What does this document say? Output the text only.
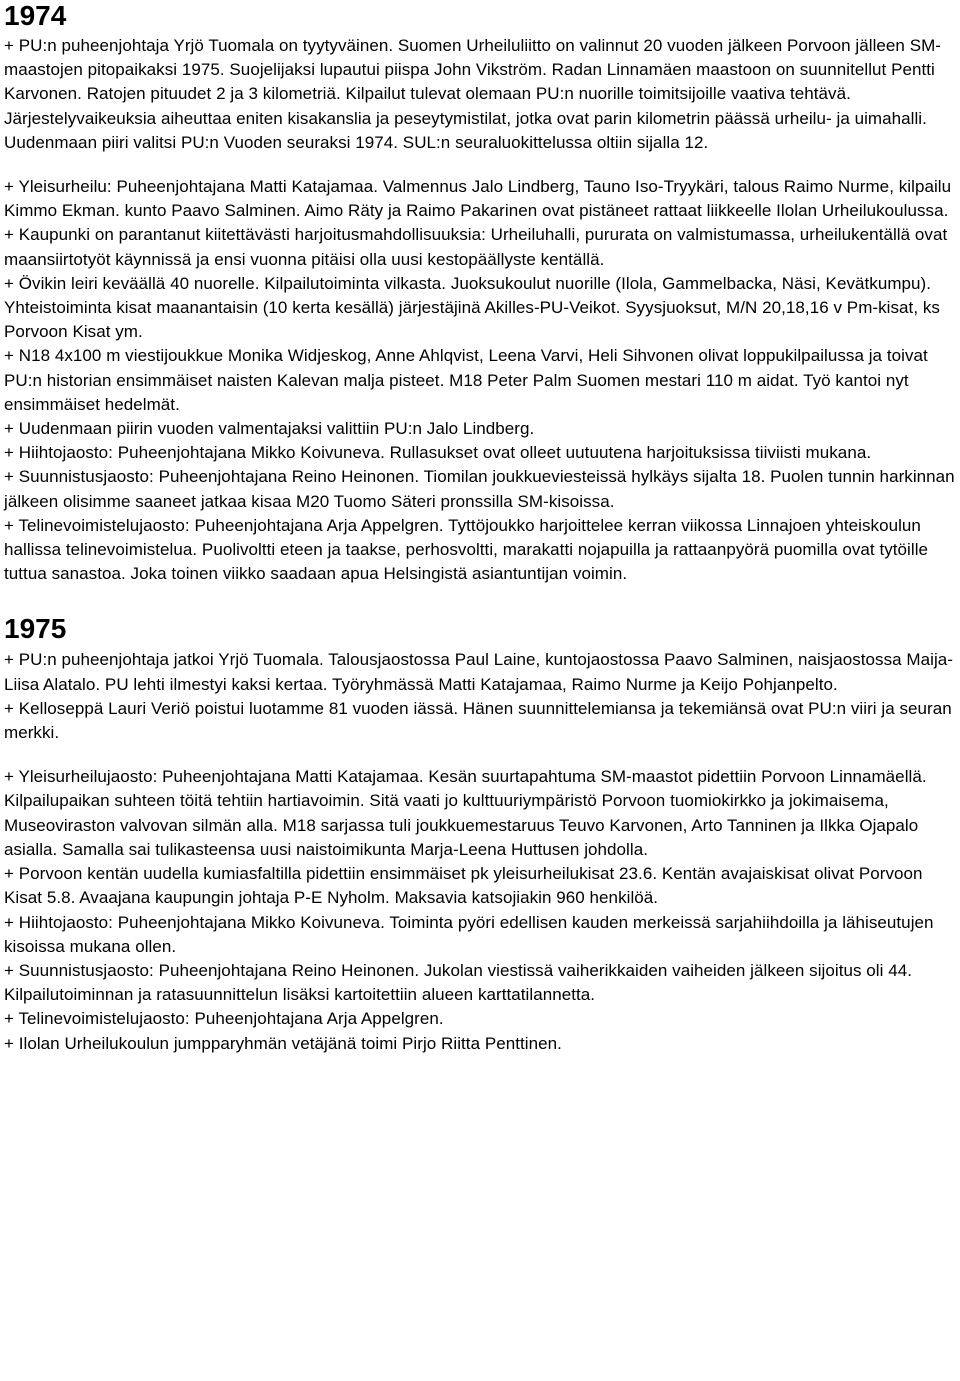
1974

+ PU:n puheenjohtaja Yrjö Tuomala on tyytyväinen. Suomen Urheiluliitto on valinnut 20 vuoden jälkeen Porvoon jälleen SM-maastojen pitopaikaksi 1975. Suojelijaksi lupautui piispa John Vikström. Radan Linnamäen maastoon on suunnitellut Pentti Karvonen. Ratojen pituudet 2 ja 3 kilometriä. Kilpailut tulevat olemaan PU:n nuorille toimitsijoille vaativa tehtävä. Järjestelyvaikeuksia aiheuttaa eniten kisakanslia ja peseytymistilat, jotka ovat parin kilometrin päässä urheilu- ja uimahalli. Uudenmaan piiri valitsi PU:n Vuoden seuraksi 1974. SUL:n seuraluokittelussa oltiin sijalla 12.

+ Yleisurheilu: Puheenjohtajana Matti Katajamaa. Valmennus Jalo Lindberg, Tauno Iso-Tryykäri, talous Raimo Nurme, kilpailu Kimmo Ekman. kunto Paavo Salminen. Aimo Räty ja Raimo Pakarinen ovat pistäneet rattaat liikkeelle Ilolan Urheilukoulussa.

+ Kaupunki on parantanut kiitettävästi harjoitusmahdollisuuksia: Urheiluhalli, pururata on valmistumassa, urheilukentällä ovat maansiirtotyöt käynnissä ja ensi vuonna pitäisi olla uusi kestopäällyste kentällä.

+ Övikin leiri keväällä 40 nuorelle. Kilpailutoiminta vilkasta. Juoksukoulut nuorille (Ilola, Gammelbacka, Näsi, Kevätkumpu). Yhteistoiminta kisat maanantaisin (10 kerta kesällä) järjestäjinä Akilles-PU-Veikot. Syysjuoksut, M/N 20,18,16 v Pm-kisat, ks Porvoon Kisat ym.

+ N18 4x100 m viestijoukkue Monika Widjeskog, Anne Ahlqvist, Leena Varvi, Heli Sihvonen olivat loppukilpailussa ja toivat PU:n historian ensimmäiset naisten Kalevan malja pisteet. M18 Peter Palm Suomen mestari 110 m aidat. Työ kantoi nyt ensimmäiset hedelmät.

+ Uudenmaan piirin vuoden valmentajaksi valittiin PU:n Jalo Lindberg.

+ Hiihtojaosto: Puheenjohtajana Mikko Koivuneva. Rullasukset ovat olleet uutuutena harjoituksissa tiiviisti mukana.

+ Suunnistusjaosto: Puheenjohtajana Reino Heinonen. Tiomilan joukkueviesteissä hylkäys sijalta 18. Puolen tunnin harkinnan jälkeen olisimme saaneet jatkaa kisaa M20 Tuomo Säteri pronssilla SM-kisoissa.

+ Telinevoimistelujaosto: Puheenjohtajana Arja Appelgren. Tyttöjoukko harjoittelee kerran viikossa Linnajoen yhteiskoulun hallissa telinevoimistelua. Puolivoltti eteen ja taakse, perhosvoltti, marakatti nojapuilla ja rattaanpyörä puomilla ovat tytöille tuttua sanastoa. Joka toinen viikko saadaan apua Helsingistä asiantuntijan voimin.

1975

+ PU:n puheenjohtaja jatkoi Yrjö Tuomala. Talousjaostossa Paul Laine, kuntojaostossa Paavo Salminen, naisjaostossa Maija-Liisa Alatalo. PU lehti ilmestyi kaksi kertaa. Työryhmässä Matti Katajamaa, Raimo Nurme ja Keijo Pohjanpelto.

+ Kelloseppä Lauri Veriö poistui luotamme 81 vuoden iässä. Hänen suunnittelemiansa ja tekemiänsä ovat PU:n viiri ja seuran merkki.

+ Yleisurheilujaosto: Puheenjohtajana Matti Katajamaa. Kesän suurtapahtuma SM-maastot pidettiin Porvoon Linnamäellä. Kilpailupaikan suhteen töitä tehtiin hartiavoimin. Sitä vaati jo kulttuuriympäristö Porvoon tuomiokirkko ja jokimaisema, Museoviraston valvovan silmän alla. M18 sarjassa tuli joukkuemestaruus Teuvo Karvonen, Arto Tanninen ja Ilkka Ojapalo asialla. Samalla sai tulikasteensa uusi naistoimikunta Marja-Leena Huttusen johdolla.

+ Porvoon kentän uudella kumiasfaltilla pidettiin ensimmäiset pk yleisurheilukisat 23.6. Kentän avajaiskisat olivat Porvoon Kisat 5.8. Avaajana kaupungin johtaja P-E Nyholm. Maksavia katsojiakin 960 henkilöä.

+ Hiihtojaosto: Puheenjohtajana Mikko Koivuneva. Toiminta pyöri edellisen kauden merkeissä sarjahiihdoilla ja lähiseutujen kisoissa mukana ollen.

+ Suunnistusjaosto: Puheenjohtajana Reino Heinonen. Jukolan viestissä vaiherikkaiden vaiheiden jälkeen sijoitus oli 44. Kilpailutoiminnan ja ratasuunnittelun lisäksi kartoitettiin alueen karttatilannetta.

+ Telinevoimistelujaosto: Puheenjohtajana Arja Appelgren.

+ Ilolan Urheilukoulun jumpparyhmän vetäjänä toimi Pirjo Riitta Penttinen.
